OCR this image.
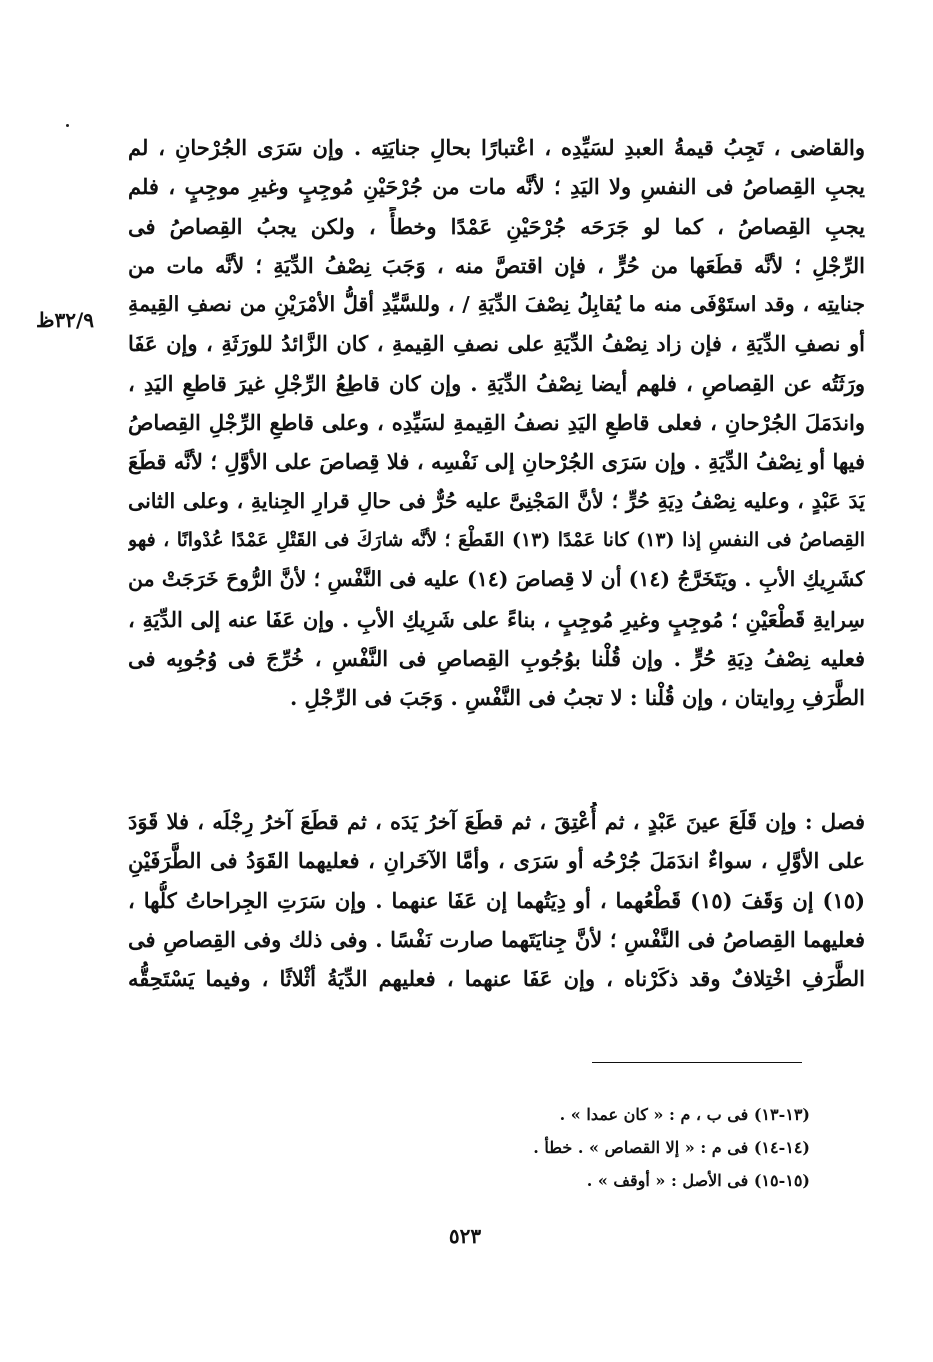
٣٢/٩ظ
والقاضى ، تَجِبُ قيمةُ العبدِ لسَيِّدِه ، اعْتبارًا بحالِ جنايَتِه . وإن سَرَى الجُرْحانِ ، لم
يجبِ القِصاصُ فى النفسِ ولا اليَدِ ؛ لأنَّه مات من جُرْحَيْنِ مُوجِبٍ وغيرِ موجِبٍ ، فلم
يجبِ القِصاصُ ، كما لو جَرَحَه جُرْحَيْنِ عَمْدًا وخطأً ، ولكن يجبُ القِصاصُ فى
الرِّجْلِ ؛ لأنَّه قطَعَها من حُرٍّ ، فإن اقتصَّ منه ، وَجَبَ نِصْفُ الدِّيَةِ ؛ لأنَّه مات من
جنايتِه ، وقد استَوْفَى منه ما يُقابِلُ نِصْفَ الدِّيَةِ / ، وللسَّيِّدِ أقلُّ الأمْرَيْنِ من نصفِ القِيمةِ
أو نصفِ الدِّيَةِ ، فإن زاد نِصْفُ الدِّيَةِ على نصفِ القِيمةِ ، كان الزَّائدُ للورَثَةِ ، وإن عَفَا
ورَثَتُه عن القِصاصِ ، فلهم أيضا نِصْفُ الدِّيَةِ . وإن كان قاطِعُ الرِّجْلِ غيرَ قاطعِ اليَدِ ،
واندَمَلَ الجُرْحانِ ، فعلى قاطعِ اليَدِ نصفُ القِيمةِ لسَيِّدِه ، وعلى قاطعِ الرِّجْلِ القِصاصُ
فيها أو نِصْفُ الدِّيَةِ . وإن سَرَى الجُرْحانِ إلى نَفْسِه ، فلا قِصاصَ على الأوَّلِ ؛ لأنَّه قطَعَ
يَدَ عَبْدٍ ، وعليه نِصْفُ دِيَةِ حُرٍّ ؛ لأنَّ المَجْنِىَّ عليه حُرٌّ فى حالِ قرارِ الجِنايةِ ، وعلى الثانى
القِصاصُ فى النفسِ إذا (١٣) كانا عَمْدًا (١٣) القَطْعَ ؛ لأنَّه شارَكَ فى القَتْلِ عَمْدًا عُدْوانًا ، فهو
كشَرِيكِ الأبِ . ويَتَخَرَّجُ (١٤) أن لا قِصاصَ (١٤) عليه فى النَّفْسِ ؛ لأنَّ الرُّوحَ خَرَجَتْ من
سِرايةِ قَطْعَيْنِ ؛ مُوجِبٍ وغيرِ مُوجِبٍ ، بناءً على شَرِيكِ الأبِ . وإن عَفَا عنه إلى الدِّيَةِ ،
فعليه نِصْفُ دِيَةِ حُرٍّ . وإن قُلْنا بوُجُوبِ القِصاصِ فى النَّفْسِ ، خُرِّجَ فى وُجُوبِه فى
الطَّرَفِ رِوايتان ، وإن قُلْنا : لا تجبُ فى النَّفْسِ . وَجَبَ فى الرِّجْلِ .
فصل : وإن قَلَعَ عينَ عَبْدٍ ، ثم أُعْتِقَ ، ثم قطَعَ آخرُ يَدَه ، ثم قطَعَ آخرُ رِجْلَه ، فلا قَوَدَ
على الأوَّلِ ، سواءٌ اندَمَلَ جُرْحُه أو سَرَى ، وأمَّا الآخَرانِ ، فعليهما القَوَدُ فى الطَّرَفَيْنِ
(١٥) إن وَقَفَ (١٥) قَطْعُهما ، أو دِيَتُهما إن عَفَا عنهما . وإن سَرَتِ الجِراحاتُ كلُّها ،
فعليهما القِصاصُ فى النَّفْسِ ؛ لأنَّ جِنايَتَهما صارت نَفْسًا . وفى ذلك وفى القِصاصِ فى
الطَّرَفِ اخْتِلافٌ وقد ذكَرْناه ، وإن عَفَا عنهما ، فعليهم الدِّيَةُ أثْلاثًا ، وفيما يَسْتَحِقُّه
(١٣-١٣) فى ب ، م : « كان عمدا » .
(١٤-١٤) فى م : « إلا القصاص » . خطأ .
(١٥-١٥) فى الأصل : « أوقف » .
٥٢٣
